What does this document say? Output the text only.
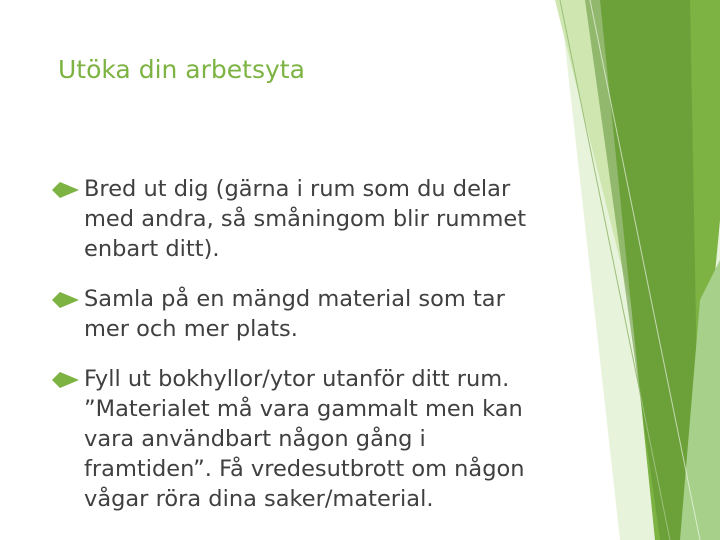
Utöka din arbetsyta
Bred ut dig (gärna i rum som du delar med andra, så småningom blir rummet enbart ditt).
Samla på en mängd material som tar mer och mer plats.
Fyll ut bokhyllor/ytor utanför ditt rum. ”Materialet må vara gammalt men kan vara användbart någon gång i framtiden”. Få vredesutbrott om någon vågar röra dina saker/material.
